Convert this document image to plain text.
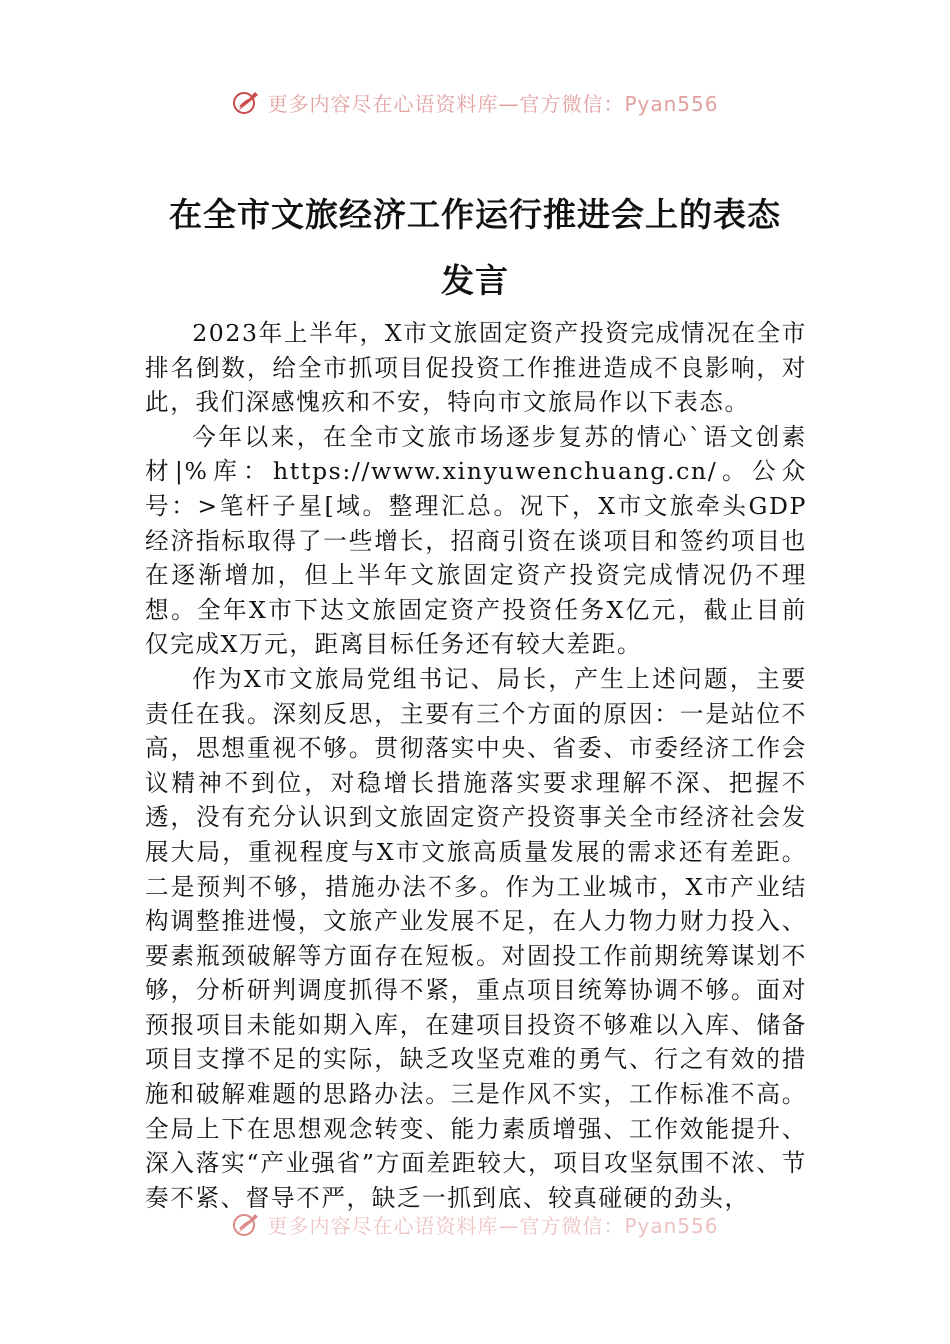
更多内容尽在心语资料库—官方微信：Pyan556
在全市文旅经济工作运行推进会上的表态
发言

2023年上半年，X市文旅固定资产投资完成情况在全市排名倒数，给全市抓项目促投资工作推进造成不良影响，对此，我们深感愧疚和不安，特向市文旅局作以下表态。

今年以来，在全市文旅市场逐步复苏的情心`语文创素材|%库：https://www.xinyuwenchuang.cn/。公众号：>笔杆子星[域。整理汇总。况下，X市文旅牵头GDP经济指标取得了一些增长，招商引资在谈项目和签约项目也在逐渐增加，但上半年文旅固定资产投资完成情况仍不理想。全年X市下达文旅固定资产投资任务X亿元，截止目前仅完成X万元，距离目标任务还有较大差距。

作为X市文旅局党组书记、局长，产生上述问题，主要责任在我。深刻反思，主要有三个方面的原因：一是站位不高，思想重视不够。贯彻落实中央、省委、市委经济工作会议精神不到位，对稳增长措施落实要求理解不深、把握不透，没有充分认识到文旅固定资产投资事关全市经济社会发展大局，重视程度与X市文旅高质量发展的需求还有差距。二是预判不够，措施办法不多。作为工业城市，X市产业结构调整推进慢，文旅产业发展不足，在人力物力财力投入、要素瓶颈破解等方面存在短板。对固投工作前期统筹谋划不够，分析研判调度抓得不紧，重点项目统筹协调不够。面对预报项目未能如期入库，在建项目投资不够难以入库、储备项目支撑不足的实际，缺乏攻坚克难的勇气、行之有效的措施和破解难题的思路办法。三是作风不实，工作标准不高。全局上下在思想观念转变、能力素质增强、工作效能提升、深入落实“产业强省”方面差距较大，项目攻坚氛围不浓、节奏不紧、督导不严，缺乏一抓到底、较真碰硬的劲头，

更多内容尽在心语资料库—官方微信：Pyan556
